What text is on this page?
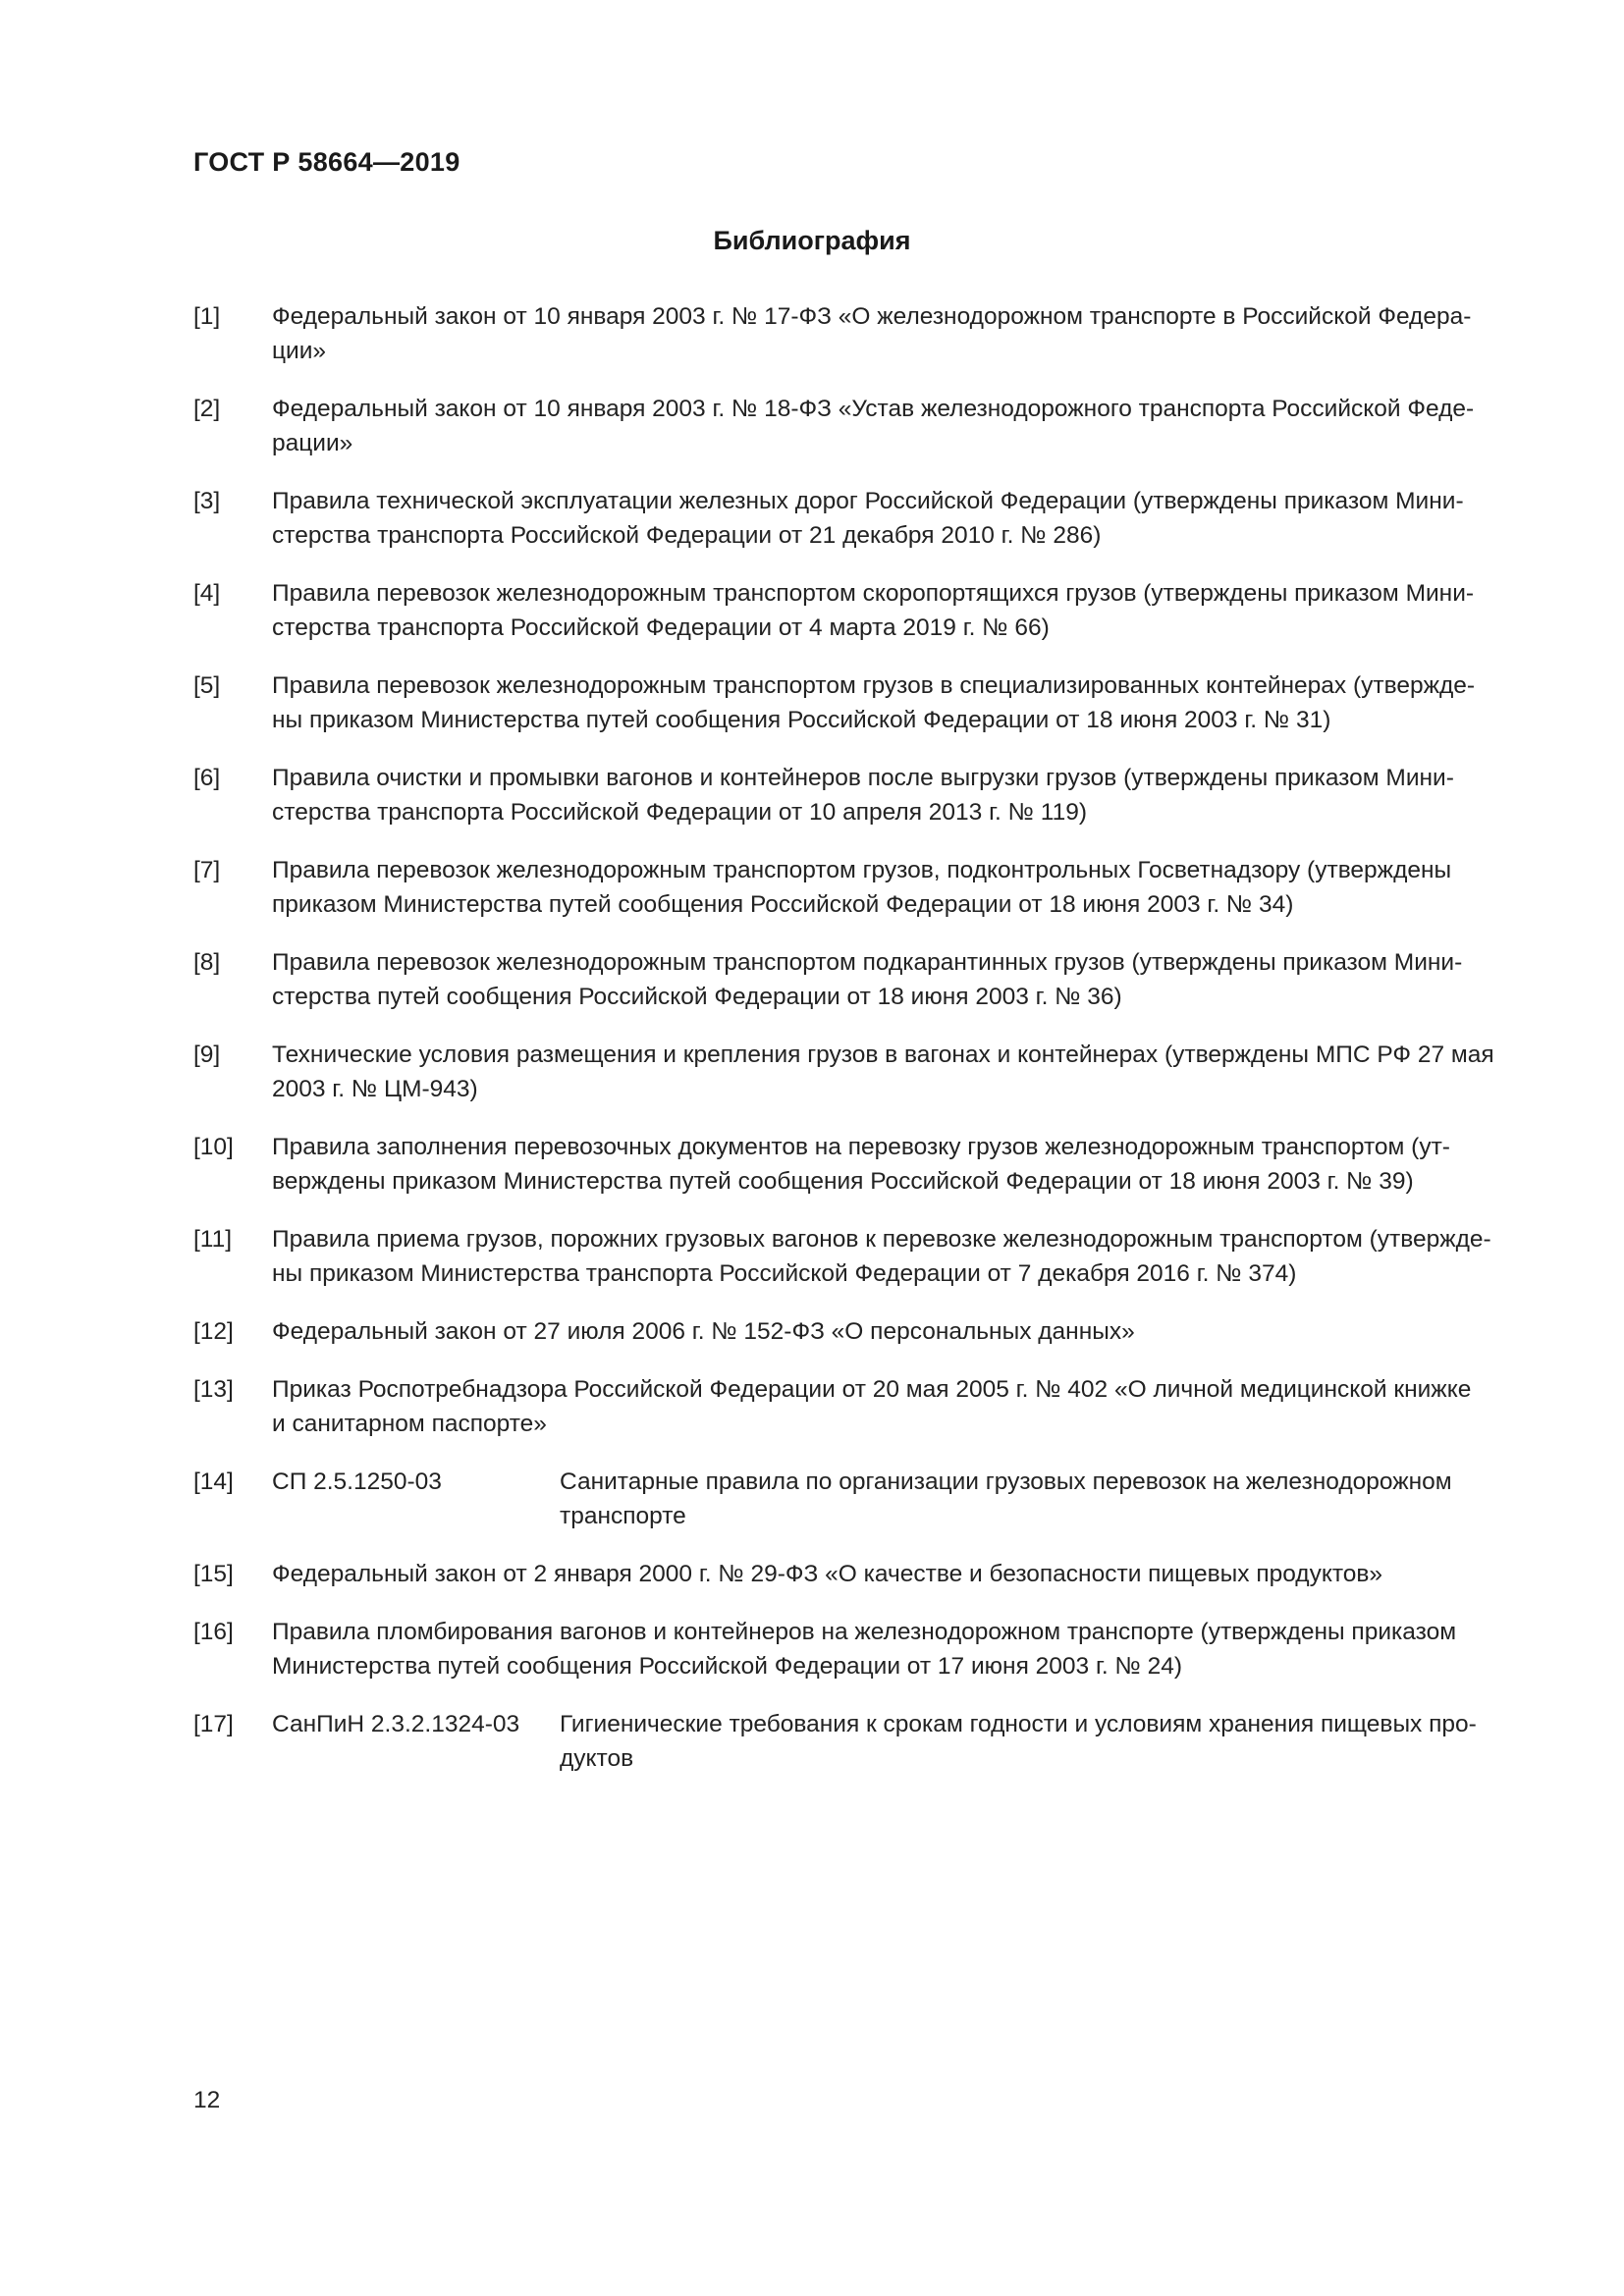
ГОСТ Р 58664—2019
Библиография
[1]	Федеральный закон от 10 января 2003 г. № 17-ФЗ «О железнодорожном транспорте в Российской Федера-
ции»
[2]	Федеральный закон от 10 января 2003 г. № 18-ФЗ «Устав железнодорожного транспорта Российской Феде-
рации»
[3]	Правила технической эксплуатации железных дорог Российской Федерации (утверждены приказом Мини-
стерства транспорта Российской Федерации от 21 декабря 2010 г. № 286)
[4]	Правила перевозок железнодорожным транспортом скоропортящихся грузов (утверждены приказом Мини-
стерства транспорта Российской Федерации от 4 марта 2019 г. № 66)
[5]	Правила перевозок железнодорожным транспортом грузов в специализированных контейнерах (утвержде-
ны приказом Министерства путей сообщения Российской Федерации от 18 июня 2003 г. № 31)
[6]	Правила очистки и промывки вагонов и контейнеров после выгрузки грузов (утверждены приказом Мини-
стерства транспорта Российской Федерации от 10 апреля 2013 г. № 119)
[7]	Правила перевозок железнодорожным транспортом грузов, подконтрольных Госветнадзору (утверждены
приказом Министерства путей сообщения Российской Федерации от 18 июня 2003 г. № 34)
[8]	Правила перевозок железнодорожным транспортом подкарантинных грузов (утверждены приказом Мини-
стерства путей сообщения Российской Федерации от 18 июня 2003 г. № 36)
[9]	Технические условия размещения и крепления грузов в вагонах и контейнерах (утверждены МПС РФ 27 мая
2003 г. № ЦМ-943)
[10]	Правила заполнения перевозочных документов на перевозку грузов железнодорожным транспортом (ут-
верждены приказом Министерства путей сообщения Российской Федерации от 18 июня 2003 г. № 39)
[11]	Правила приема грузов, порожних грузовых вагонов к перевозке железнодорожным транспортом (утвержде-
ны приказом Министерства транспорта Российской Федерации от 7 декабря 2016 г. № 374)
[12]	Федеральный закон от 27 июля 2006 г. № 152-ФЗ «О персональных данных»
[13]	Приказ Роспотребнадзора Российской Федерации от 20 мая 2005 г. № 402 «О личной медицинской книжке
и санитарном паспорте»
[14]	СП 2.5.1250-03	Санитарные правила по организации грузовых перевозок на железнодорожном
транспорте
[15]	Федеральный закон от 2 января 2000 г. № 29-ФЗ «О качестве и безопасности пищевых продуктов»
[16]	Правила пломбирования вагонов и контейнеров на железнодорожном транспорте (утверждены приказом
Министерства путей сообщения Российской Федерации от 17 июня 2003 г. № 24)
[17]	СанПиН 2.3.2.1324-03	Гигиенические требования к срокам годности и условиям хранения пищевых про-
дуктов
12
